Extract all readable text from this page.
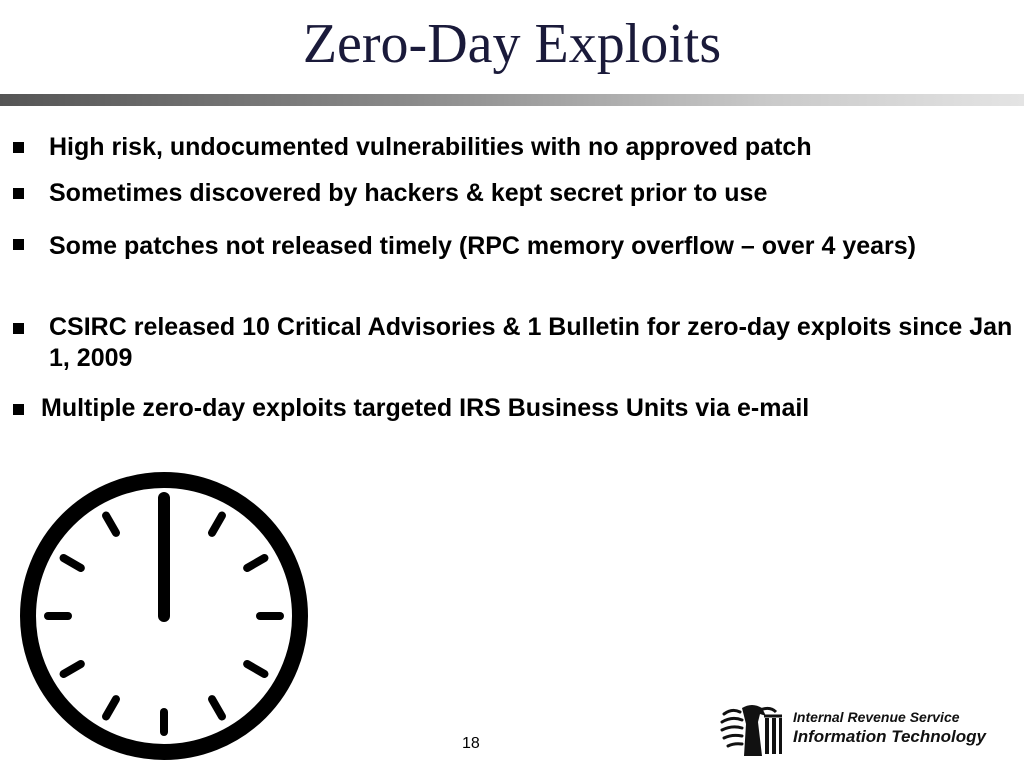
Zero-Day Exploits
High risk, undocumented vulnerabilities with no approved patch
Sometimes discovered by hackers & kept secret prior to use
Some patches not released timely (RPC memory overflow – over 4 years)
CSIRC released 10 Critical Advisories & 1 Bulletin for zero-day exploits since Jan 1, 2009
Multiple zero-day exploits targeted IRS Business Units via e-mail
18
Internal Revenue Service
Information Technology
